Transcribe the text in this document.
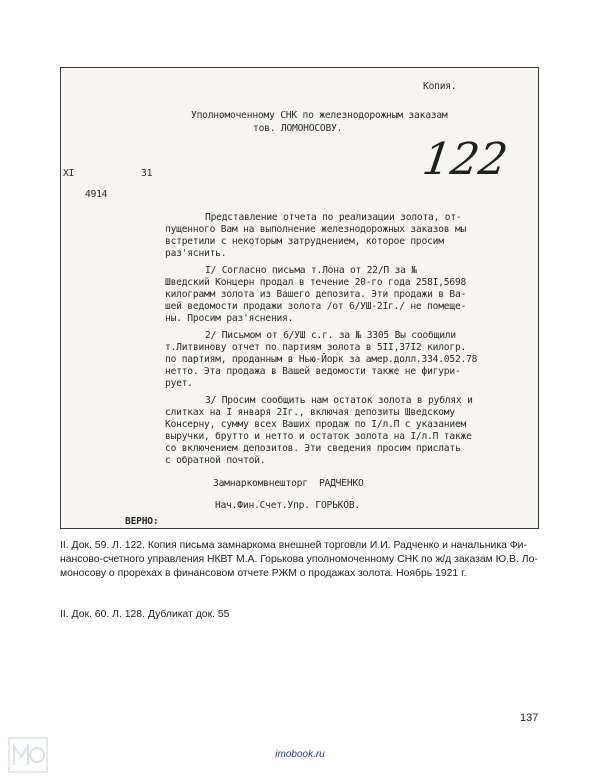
Копия.
Уполномоченному СНК по железнодорожным заказам
тов. ЛОМОНОСОВУ.
122
XI	31
4914
Представление отчета по реализации золота, от-
пущенного Вам на выполнение железнодорожных заказов мы
встретили с некоторым затруднением, которое просим
раз'яснить.
I/ Согласно письма т.Лона от 22/П за №
Шведский Концерн продал в течение 20-го года 258I,5698
килограмм золота из Вашего депозита. Эти продажи в Ва-
шей ведомости продажи золота /от 6/УШ-2Iг./ не помеще-
ны. Просим раз'яснения.
2/ Письмом от 6/УШ с.г. за № 3305 Вы сообщили
т.Литвинову отчет по партиям золота в 5II,37I2 килогр.
по партиям, проданным в Нью-Йорк за амер.долл.334.052.78
нетто. Эта продажа в Вашей ведомости также не фигури-
рует.
3/ Просим сообщить нам остаток золота в рублях и
слитках на I января 2Iг., включая депозиты Шведскому
Консерну, сумму всех Ваших продаж по I/л.П с указанием
выручки, брутто и нетто и остаток золота на I/л.П также
со включением депозитов. Эти сведения просим прислать
с обратной почтой.
Замнаркомвнешторг  РАДЧЕНКО
Нач.Фин.Счет.Упр. ГОРЬКОВ.
ВЕРНО:
II. Док. 59. Л. 122. Копия письма замнаркома внешней торговли И.И. Радченко и начальника Фи-нансово-счетного управления НКВТ М.А. Горькова уполномоченному СНК по ж/д заказам Ю.В. Ло-моносову о прорехах в финансовом отчете РЖМ о продажах золота. Ноябрь 1921 г.
II. Док. 60. Л. 128. Дубликат док. 55
137
imobook.ru
